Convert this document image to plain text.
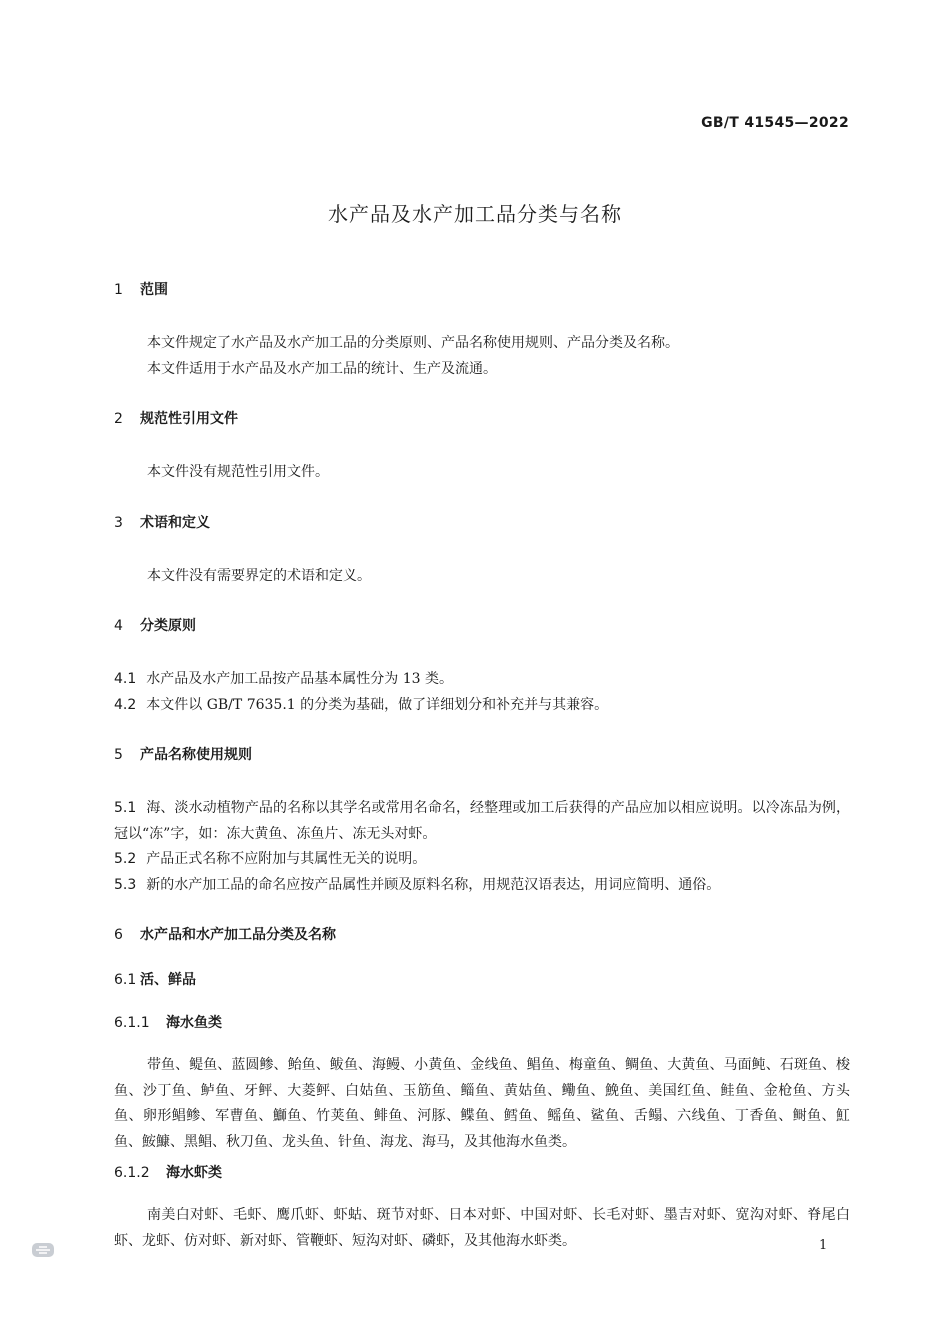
GB/T 41545—2022
水产品及水产加工品分类与名称
1 范围
本文件规定了水产品及水产加工品的分类原则、产品名称使用规则、产品分类及名称。
本文件适用于水产品及水产加工品的统计、生产及流通。
2 规范性引用文件
本文件没有规范性引用文件。
3 术语和定义
本文件没有需要界定的术语和定义。
4 分类原则
4.1 水产品及水产加工品按产品基本属性分为 13 类。
4.2 本文件以 GB/T 7635.1 的分类为基础，做了详细划分和补充并与其兼容。
5 产品名称使用规则
5.1 海、淡水动植物产品的名称以其学名或常用名命名，经整理或加工后获得的产品应加以相应说明。以冷冻品为例，冠以“冻”字，如：冻大黄鱼、冻鱼片、冻无头对虾。
5.2 产品正式名称不应附加与其属性无关的说明。
5.3 新的水产加工品的命名应按产品属性并顾及原料名称，用规范汉语表达，用词应简明、通俗。
6 水产品和水产加工品分类及名称
6.1 活、鲜品
6.1.1 海水鱼类
带鱼、鳀鱼、蓝圆鲹、鲐鱼、鲅鱼、海鳗、小黄鱼、金线鱼、鲳鱼、梅童鱼、鲷鱼、大黄鱼、马面鲀、石斑鱼、梭鱼、沙丁鱼、鲈鱼、牙鲆、大菱鲆、白姑鱼、玉筋鱼、鲻鱼、黄姑鱼、鳓鱼、鮸鱼、美国红鱼、鲑鱼、金枪鱼、方头鱼、卵形鲳鲹、军曹鱼、鰤鱼、竹荚鱼、鲱鱼、河豚、鲽鱼、鳕鱼、鳐鱼、鲨鱼、舌鳎、六线鱼、丁香鱼、鲥鱼、魟鱼、鮟鱇、黑鲳、秋刀鱼、龙头鱼、针鱼、海龙、海马，及其他海水鱼类。
6.1.2 海水虾类
南美白对虾、毛虾、鹰爪虾、虾蛄、斑节对虾、日本对虾、中国对虾、长毛对虾、墨吉对虾、宽沟对虾、脊尾白虾、龙虾、仿对虾、新对虾、管鞭虾、短沟对虾、磷虾，及其他海水虾类。	1
